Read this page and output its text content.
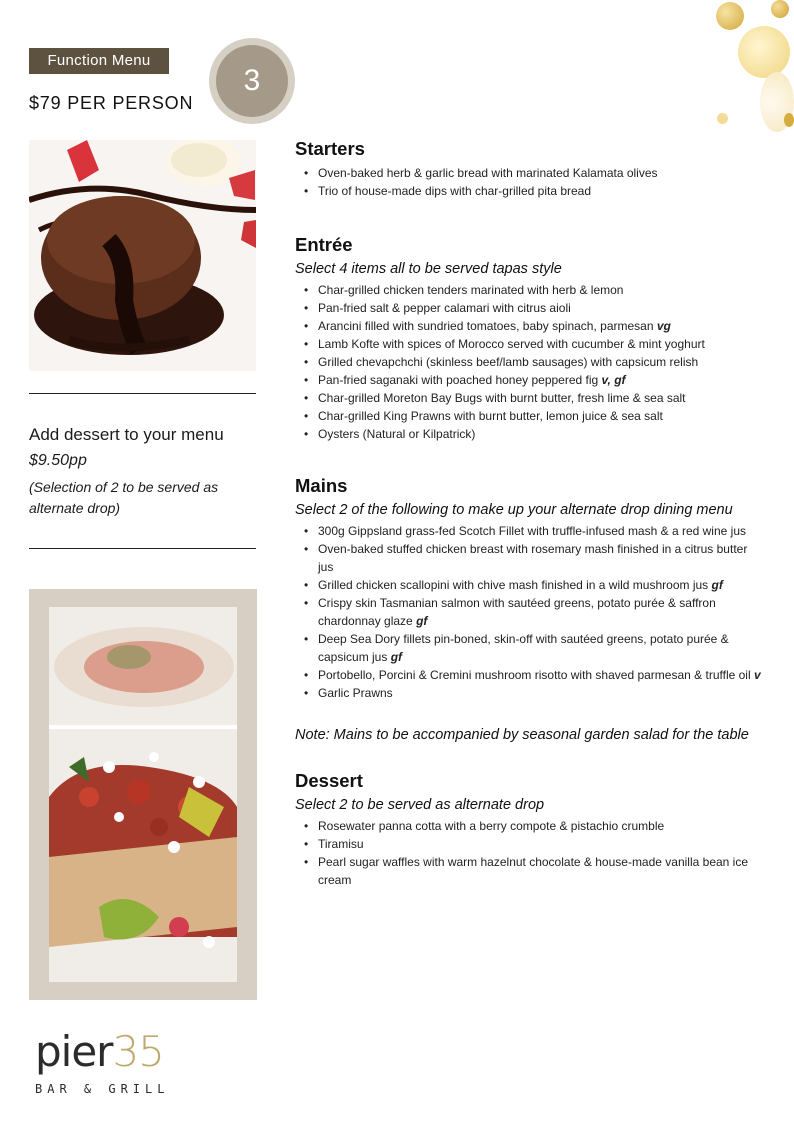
Function Menu
$79 PER PERSON
3
Add dessert to your menu
$9.50pp
(Selection of 2 to be served as alternate drop)
Starters
• Oven-baked herb & garlic bread with marinated Kalamata olives
• Trio of house-made dips with char-grilled pita bread
Entrée

Select 4 items all to be served tapas style

• Char-grilled chicken tenders marinated with herb & lemon
• Pan-fried salt & pepper calamari with citrus aioli
• Arancini filled with sundried tomatoes, baby spinach, parmesan vg
• Lamb Kofte with spices of Morocco served with cucumber & mint yoghurt
• Grilled chevapchchi (skinless beef/lamb sausages) with capsicum relish
• Pan-fried saganaki with poached honey peppered fig v, gf
• Char-grilled Moreton Bay Bugs with burnt butter, fresh lime & sea salt
• Char-grilled King Prawns with burnt butter, lemon juice & sea salt
• Oysters (Natural or Kilpatrick)
Mains

Select 2 of the following to make up your alternate drop dining menu

• 300g Gippsland grass-fed Scotch Fillet with truffle-infused mash & a red wine jus
• Oven-baked stuffed chicken breast with rosemary mash finished in a citrus butter jus
• Grilled chicken scallopini with chive mash finished in a wild mushroom jus gf
• Crispy skin Tasmanian salmon with sautéed greens, potato purée & saffron chardonnay glaze gf
• Deep Sea Dory fillets pin-boned, skin-off with sautéed greens, potato purée & capsicum jus gf
• Portobello, Porcini & Cremini mushroom risotto with shaved parmesan & truffle oil v
• Garlic Prawns

Note: Mains to be accompanied by seasonal garden salad for the table

Dessert

Select 2 to be served as alternate drop

• Rosewater panna cotta with a berry compote & pistachio crumble
• Tiramisu
• Pearl sugar waffles with warm hazelnut chocolate & house-made vanilla bean ice cream
pier35
BAR & GRILL
